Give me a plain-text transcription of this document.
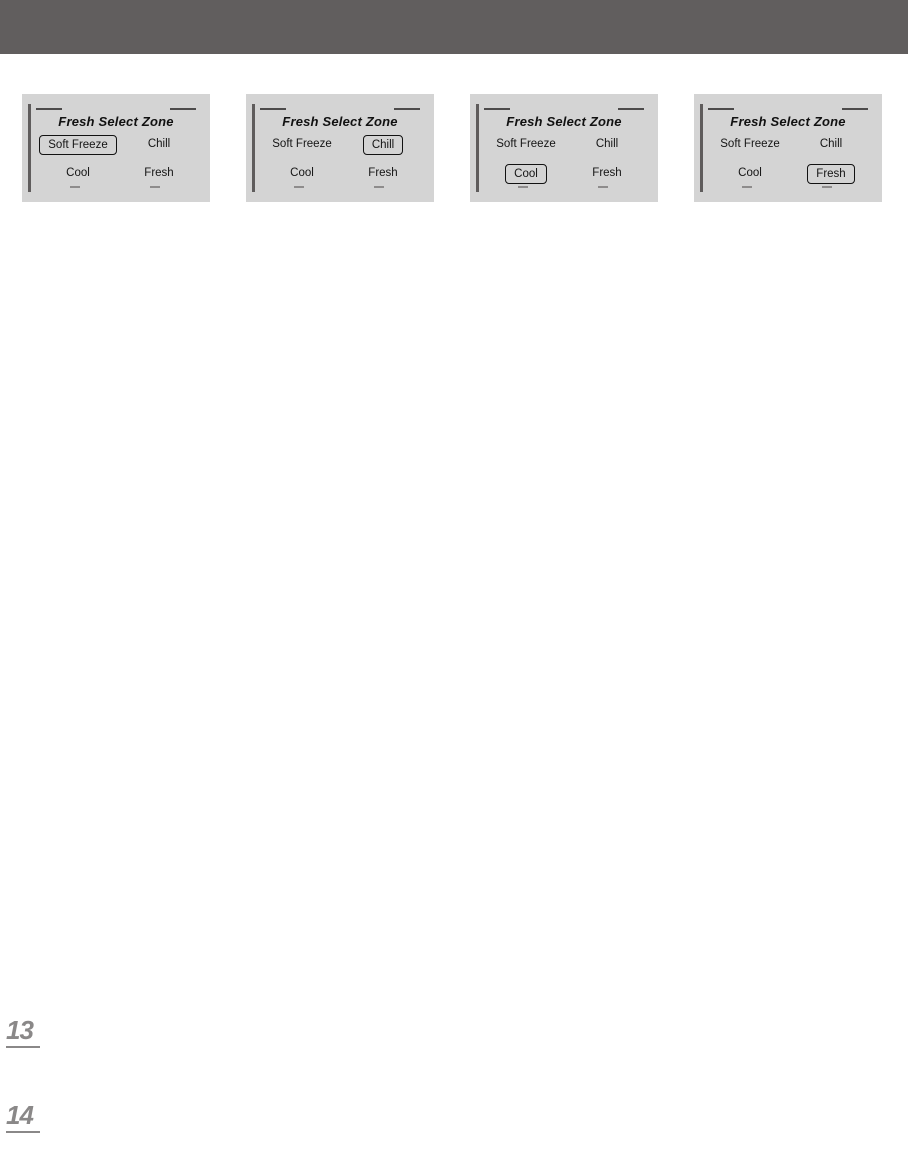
Fresh Select Zone
Soft Freeze	Chill
Cool	Fresh
Fresh Select Zone
Soft Freeze	Chill
Cool	Fresh
Fresh Select Zone
Soft Freeze	Chill
Cool	Fresh
Fresh Select Zone
Soft Freeze	Chill
Cool	Fresh
13
14
